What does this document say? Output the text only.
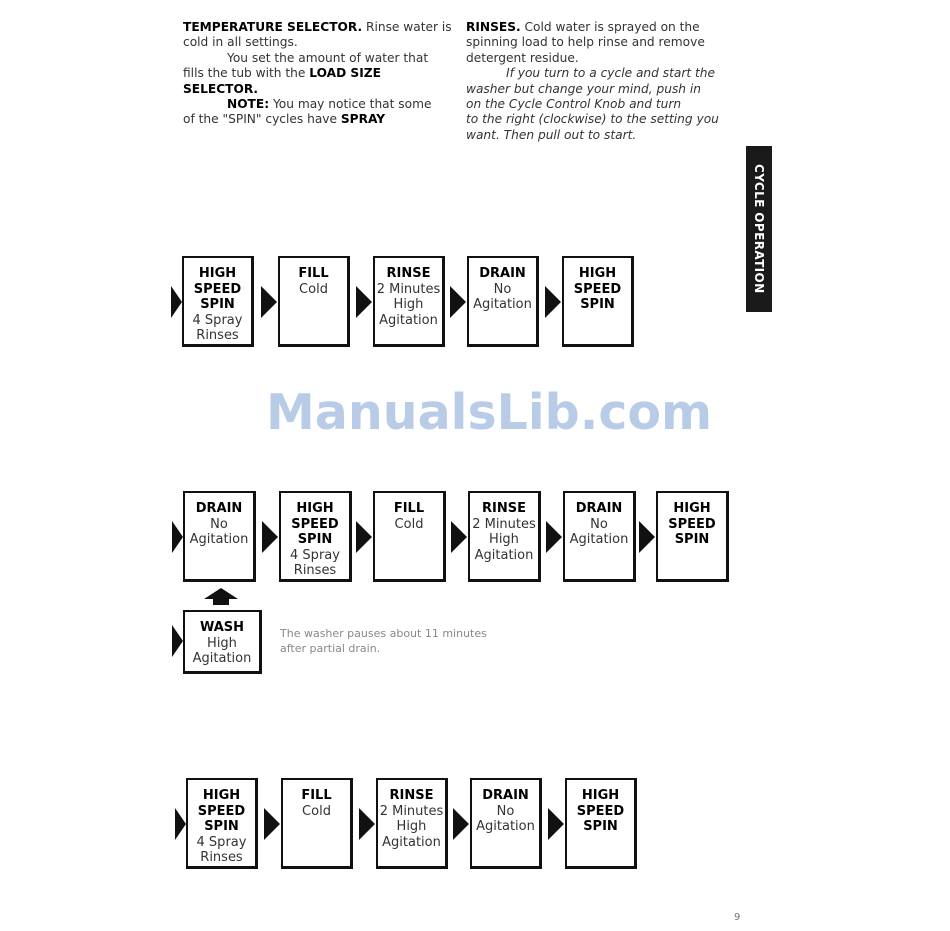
TEMPERATURE SELECTOR. Rinse water is
cold in all settings.

You set the amount of water that
fills the tub with the LOAD SIZE
SELECTOR.

NOTE: You may notice that some
of the "SPIN" cycles have SPRAY

RINSES. Cold water is sprayed on the
spinning load to help rinse and remove
detergent residue.

If you turn to a cycle and start the
washer but change your mind, push in
on the Cycle Control Knob and turn
to the right (clockwise) to the setting you
want. Then pull out to start.

CYCLE OPERATION
HIGH
SPEED
SPIN
4 Spray
Rinses
FILL
Cold
RINSE
2 Minutes
High
Agitation
DRAIN
No
Agitation
HIGH
SPEED
SPIN
DRAIN
No
Agitation
HIGH
SPEED
SPIN
4 Spray
Rinses
FILL
Cold
RINSE
2 Minutes
High
Agitation
DRAIN
No
Agitation
HIGH
SPEED
SPIN
WASH
High
Agitation
The washer pauses about 11 minutes
after partial drain.
HIGH
SPEED
SPIN
4 Spray
Rinses
FILL
Cold
RINSE
2 Minutes
High
Agitation
DRAIN
No
Agitation
HIGH
SPEED
SPIN
ManualsLib.com
9
